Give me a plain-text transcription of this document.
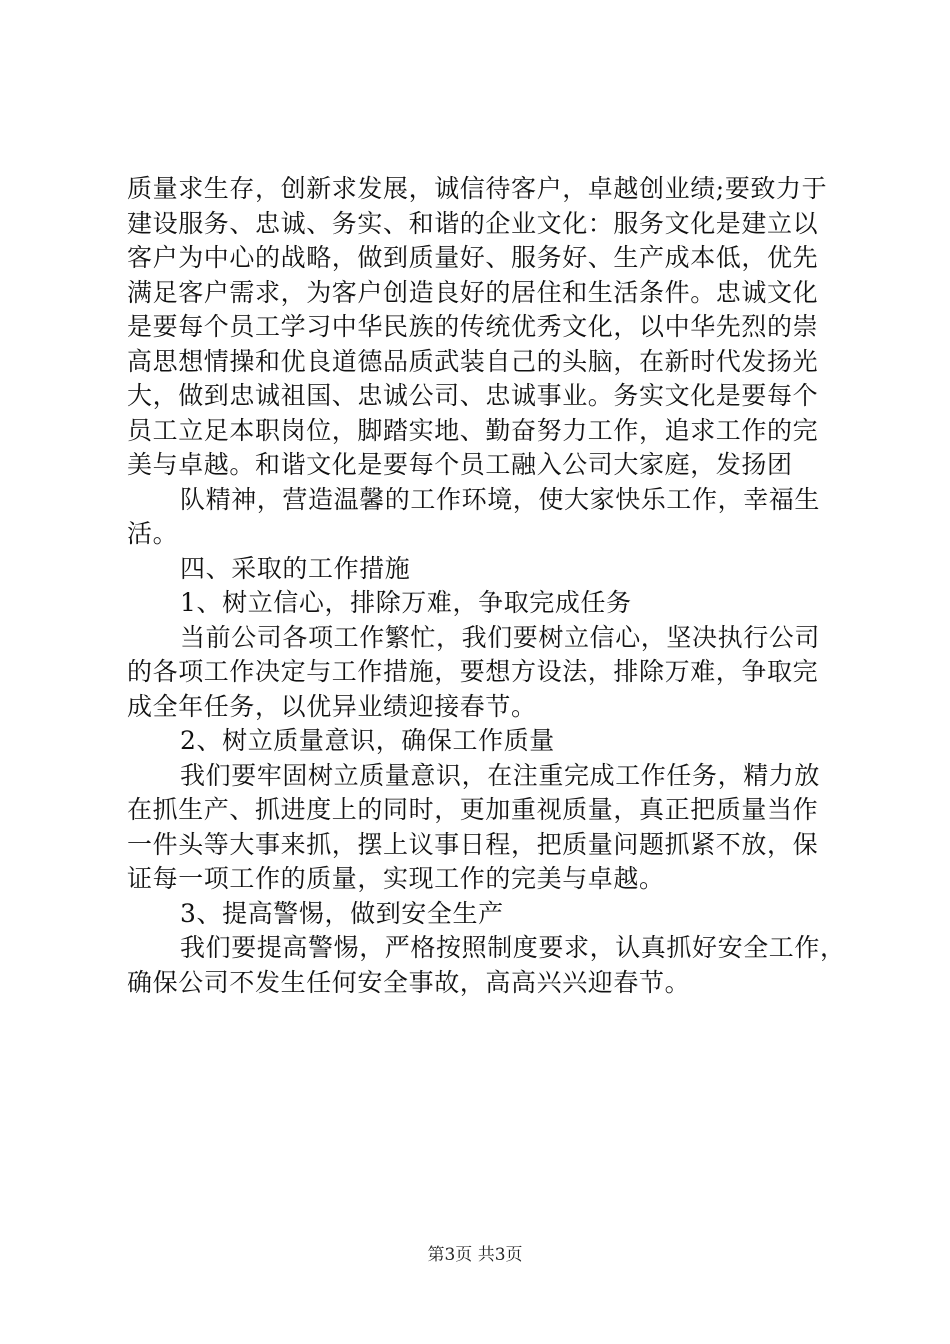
质量求生存，创新求发展，诚信待客户，卓越创业绩;要致力于
建设服务、忠诚、务实、和谐的企业文化：服务文化是建立以
客户为中心的战略，做到质量好、服务好、生产成本低，优先
满足客户需求，为客户创造良好的居住和生活条件。忠诚文化
是要每个员工学习中华民族的传统优秀文化，以中华先烈的崇
高思想情操和优良道德品质武装自己的头脑，在新时代发扬光
大，做到忠诚祖国、忠诚公司、忠诚事业。务实文化是要每个
员工立足本职岗位，脚踏实地、勤奋努力工作，追求工作的完
美与卓越。和谐文化是要每个员工融入公司大家庭，发扬团
队精神，营造温馨的工作环境，使大家快乐工作，幸福生
活。
四、采取的工作措施
1、树立信心，排除万难，争取完成任务
当前公司各项工作繁忙，我们要树立信心，坚决执行公司
的各项工作决定与工作措施，要想方设法，排除万难，争取完
成全年任务，以优异业绩迎接春节。
2、树立质量意识，确保工作质量
我们要牢固树立质量意识，在注重完成工作任务，精力放
在抓生产、抓进度上的同时，更加重视质量，真正把质量当作
一件头等大事来抓，摆上议事日程，把质量问题抓紧不放，保
证每一项工作的质量，实现工作的完美与卓越。
3、提高警惕，做到安全生产
我们要提高警惕，严格按照制度要求，认真抓好安全工作，
确保公司不发生任何安全事故，高高兴兴迎春节。
第3页 共3页
